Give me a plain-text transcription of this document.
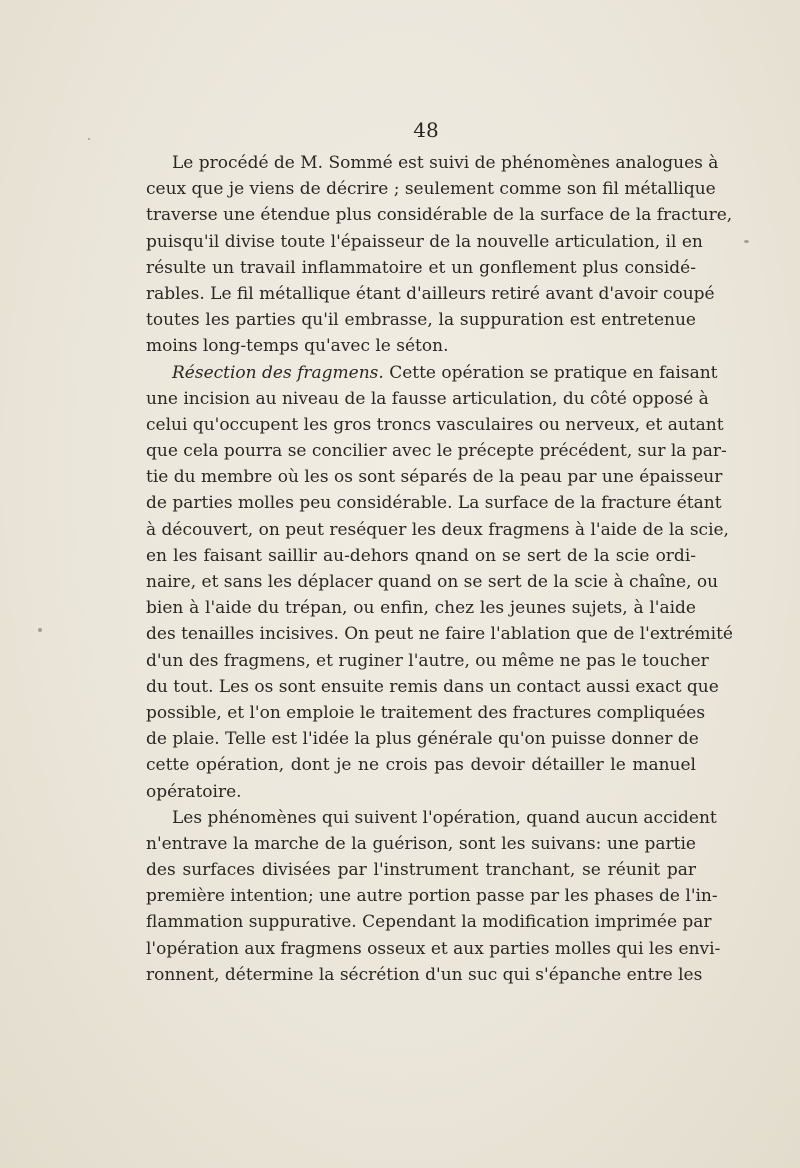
48
Le procédé de M. Sommé est suivi de phénomènes analogues à
ceux que je viens de décrire ; seulement comme son fil métallique
traverse une étendue plus considérable de la surface de la fracture,
puisqu'il divise toute l'épaisseur de la nouvelle articulation, il en
résulte un travail inflammatoire et un gonflement plus considé-
rables. Le fil métallique étant d'ailleurs retiré avant d'avoir coupé
toutes les parties qu'il embrasse, la suppuration est entretenue
moins long-temps qu'avec le séton.
Résection des fragmens. Cette opération se pratique en faisant
une incision au niveau de la fausse articulation, du côté opposé à
celui qu'occupent les gros troncs vasculaires ou nerveux, et autant
que cela pourra se concilier avec le précepte précédent, sur la par-
tie du membre où les os sont séparés de la peau par une épaisseur
de parties molles peu considérable. La surface de la fracture étant
à découvert, on peut reséquer les deux fragmens à l'aide de la scie,
en les faisant saillir au-dehors qnand on se sert de la scie ordi-
naire, et sans les déplacer quand on se sert de la scie à chaîne, ou
bien à l'aide du trépan, ou enfin, chez les jeunes sujets, à l'aide
des tenailles incisives. On peut ne faire l'ablation que de l'extrémité
d'un des fragmens, et ruginer l'autre, ou même ne pas le toucher
du tout. Les os sont ensuite remis dans un contact aussi exact que
possible, et l'on emploie le traitement des fractures compliquées
de plaie. Telle est l'idée la plus générale qu'on puisse donner de
cette opération, dont je ne crois pas devoir détailler le manuel
opératoire.
Les phénomènes qui suivent l'opération, quand aucun accident
n'entrave la marche de la guérison, sont les suivans: une partie
des surfaces divisées par l'instrument tranchant, se réunit par
première intention; une autre portion passe par les phases de l'in-
flammation suppurative. Cependant la modification imprimée par
l'opération aux fragmens osseux et aux parties molles qui les envi-
ronnent, détermine la sécrétion d'un suc qui s'épanche entre les
